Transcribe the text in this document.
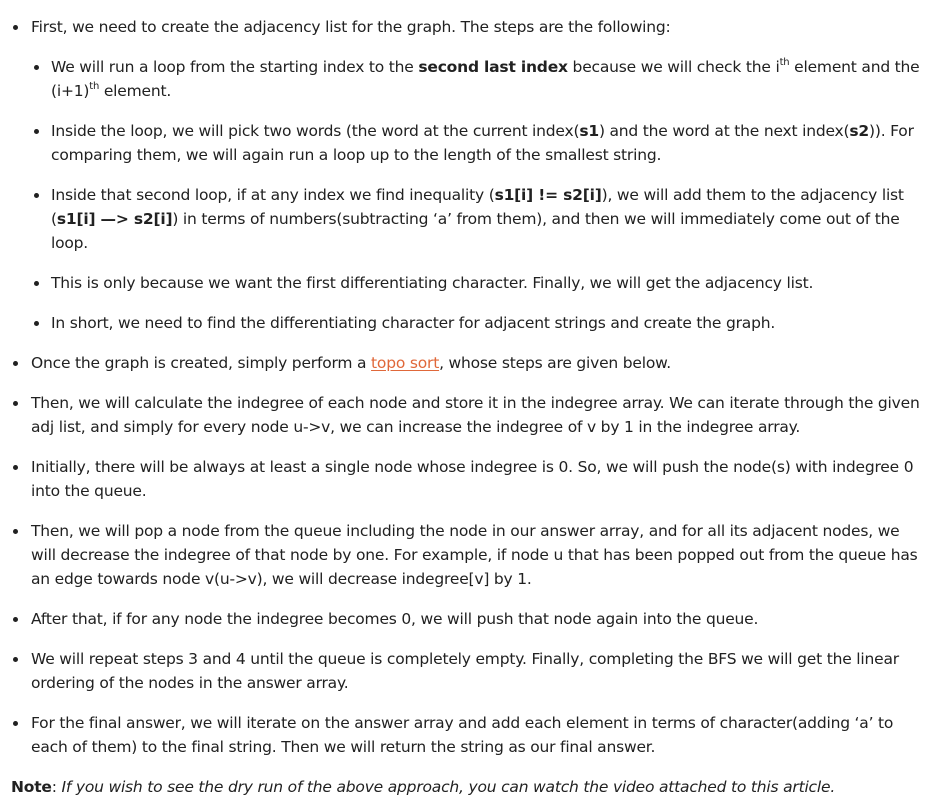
First, we need to create the adjacency list for the graph. The steps are the following:
We will run a loop from the starting index to the second last index because we will check the $i^{th}$ element and the $(i+1)^{th}$ element.
Inside the loop, we will pick two words (the word at the current index(s1) and the word at the next index(s2)). For comparing them, we will again run a loop up to the length of the smallest string.
Inside that second loop, if at any index we find inequality (s1[i] != s2[i]), we will add them to the adjacency list (s1[i] —> s2[i]) in terms of numbers(subtracting ‘a’ from them), and then we will immediately come out of the loop.
This is only because we want the first differentiating character. Finally, we will get the adjacency list.
In short, we need to find the differentiating character for adjacent strings and create the graph.
Once the graph is created, simply perform a topo sort, whose steps are given below.
Then, we will calculate the indegree of each node and store it in the indegree array. We can iterate through the given adj list, and simply for every node u->v, we can increase the indegree of v by 1 in the indegree array.
Initially, there will be always at least a single node whose indegree is 0. So, we will push the node(s) with indegree 0 into the queue.
Then, we will pop a node from the queue including the node in our answer array, and for all its adjacent nodes, we will decrease the indegree of that node by one. For example, if node u that has been popped out from the queue has an edge towards node v(u->v), we will decrease indegree[v] by 1.
After that, if for any node the indegree becomes 0, we will push that node again into the queue.
We will repeat steps 3 and 4 until the queue is completely empty. Finally, completing the BFS we will get the linear ordering of the nodes in the answer array.
For the final answer, we will iterate on the answer array and add each element in terms of character(adding ‘a’ to each of them) to the final string. Then we will return the string as our final answer.
Note: If you wish to see the dry run of the above approach, you can watch the video attached to this article.
